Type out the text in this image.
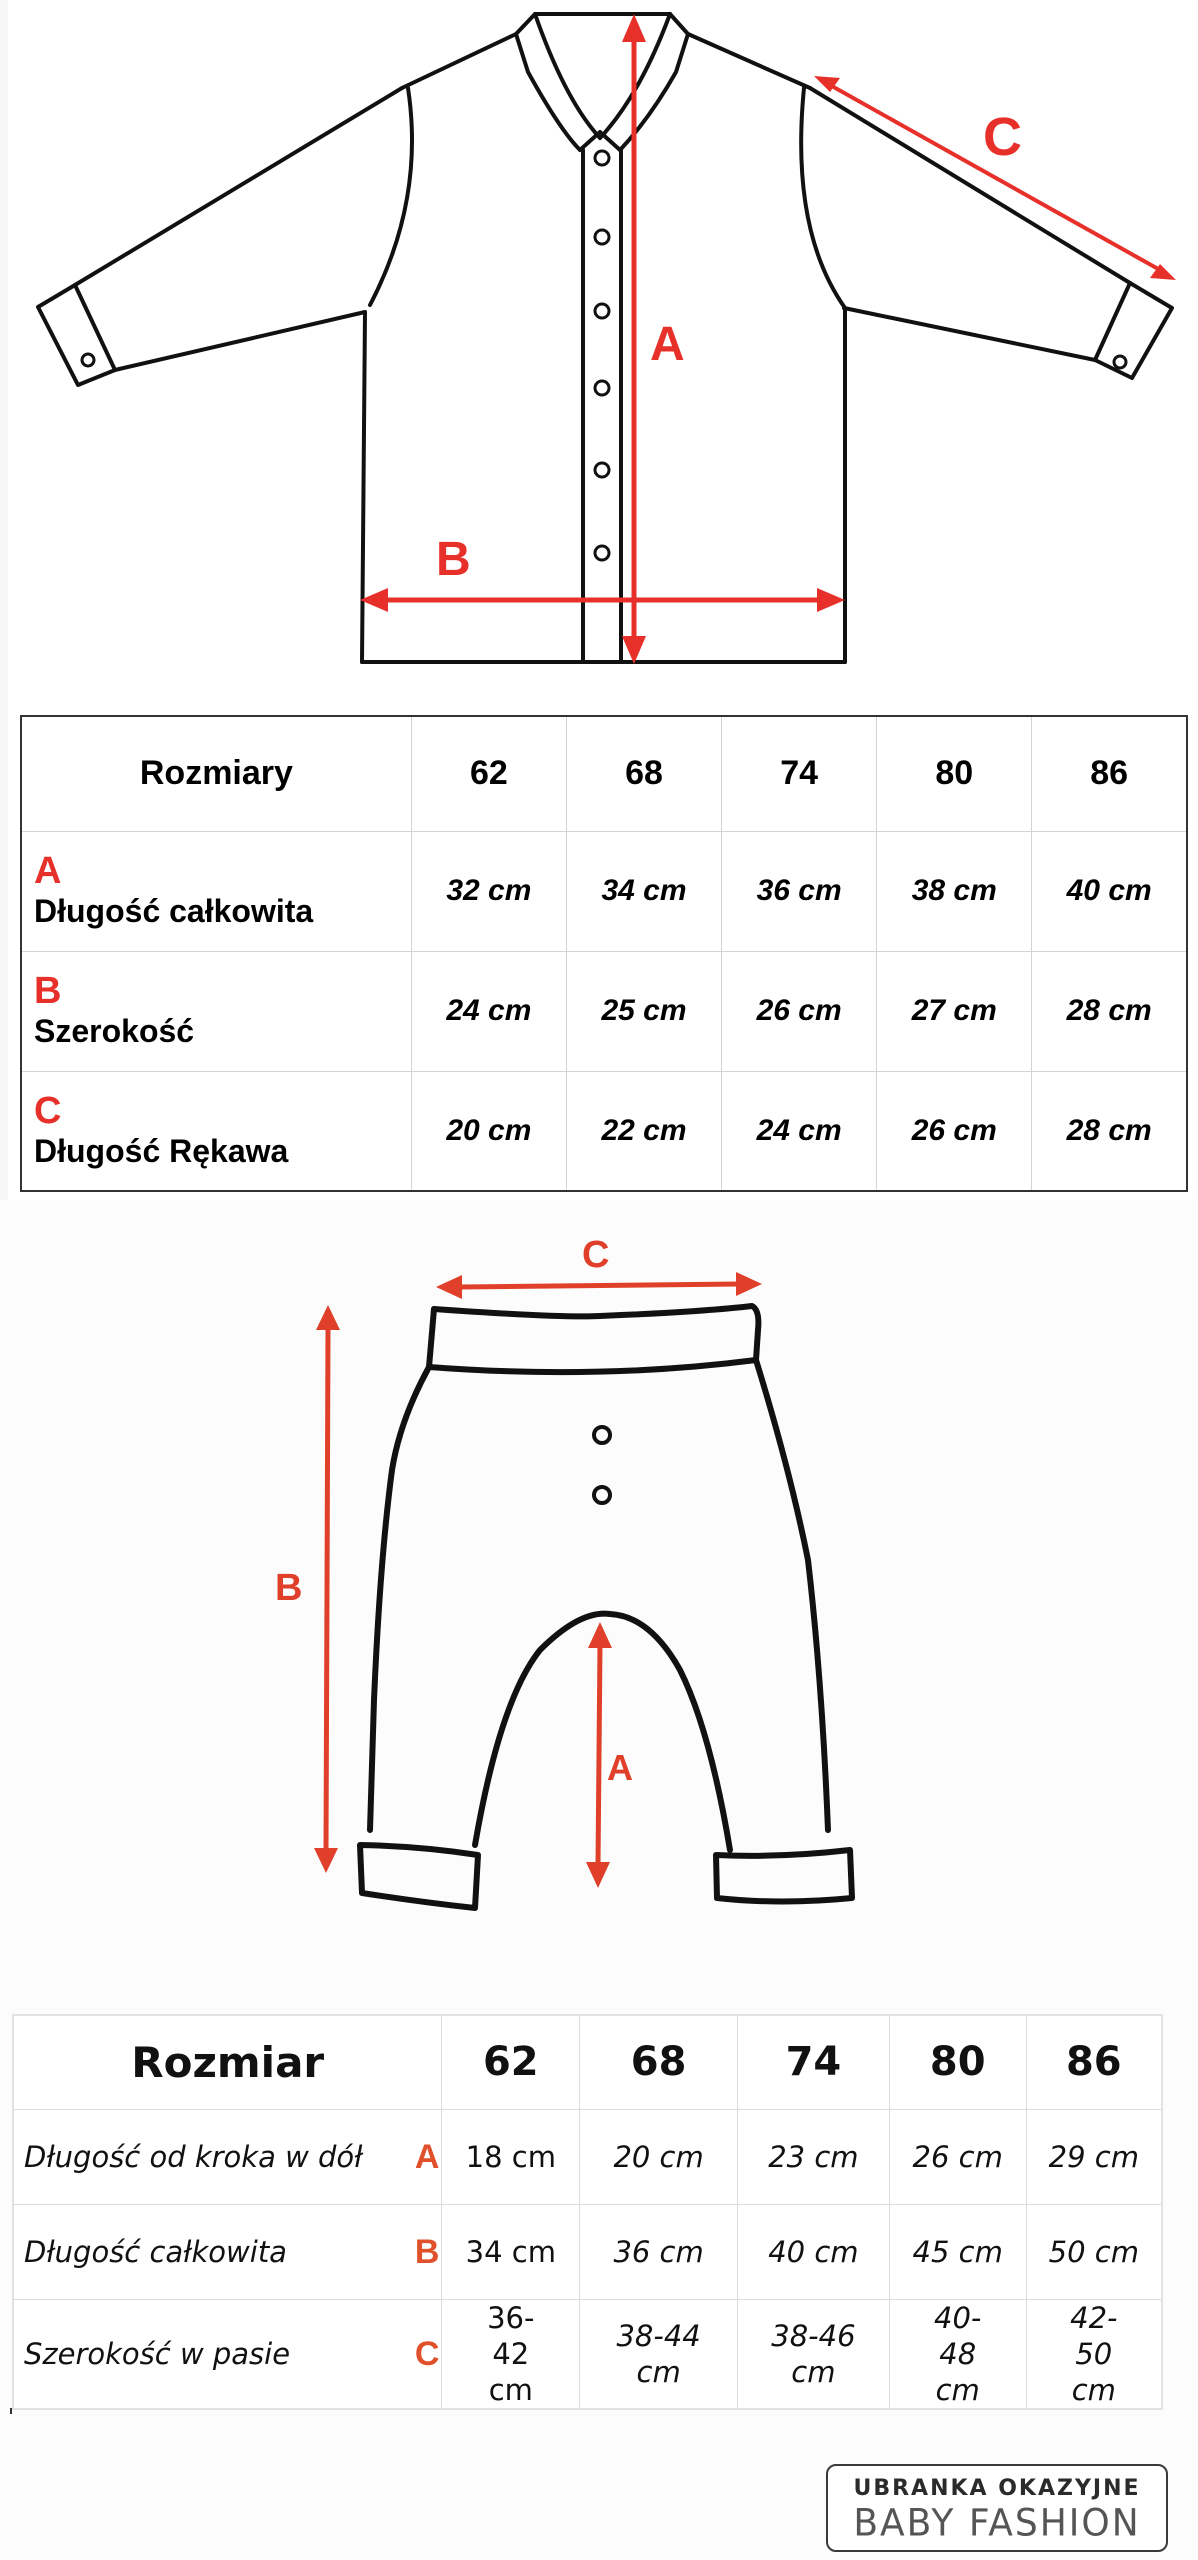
A
B
C
Rozmiary	62	68	74	80	86

A
Długość całkowita	32 cm	34 cm	36 cm	38 cm	40 cm

B
Szerokość	24 cm	25 cm	26 cm	27 cm	28 cm

C
Długość Rękawa	20 cm	22 cm	24 cm	26 cm	28 cm
C
B
A
Rozmiar	62	68	74	80	86
Długość od kroka w dół A	18 cm	20 cm	23 cm	26 cm	29 cm
Długość całkowita B	34 cm	36 cm	40 cm	45 cm	50 cm
Szerokość w pasie C	36-42 cm	38-44 cm	38-46 cm	40-48 cm	42-50 cm
UBRANKA OKAZYJNE
BABY FASHION
